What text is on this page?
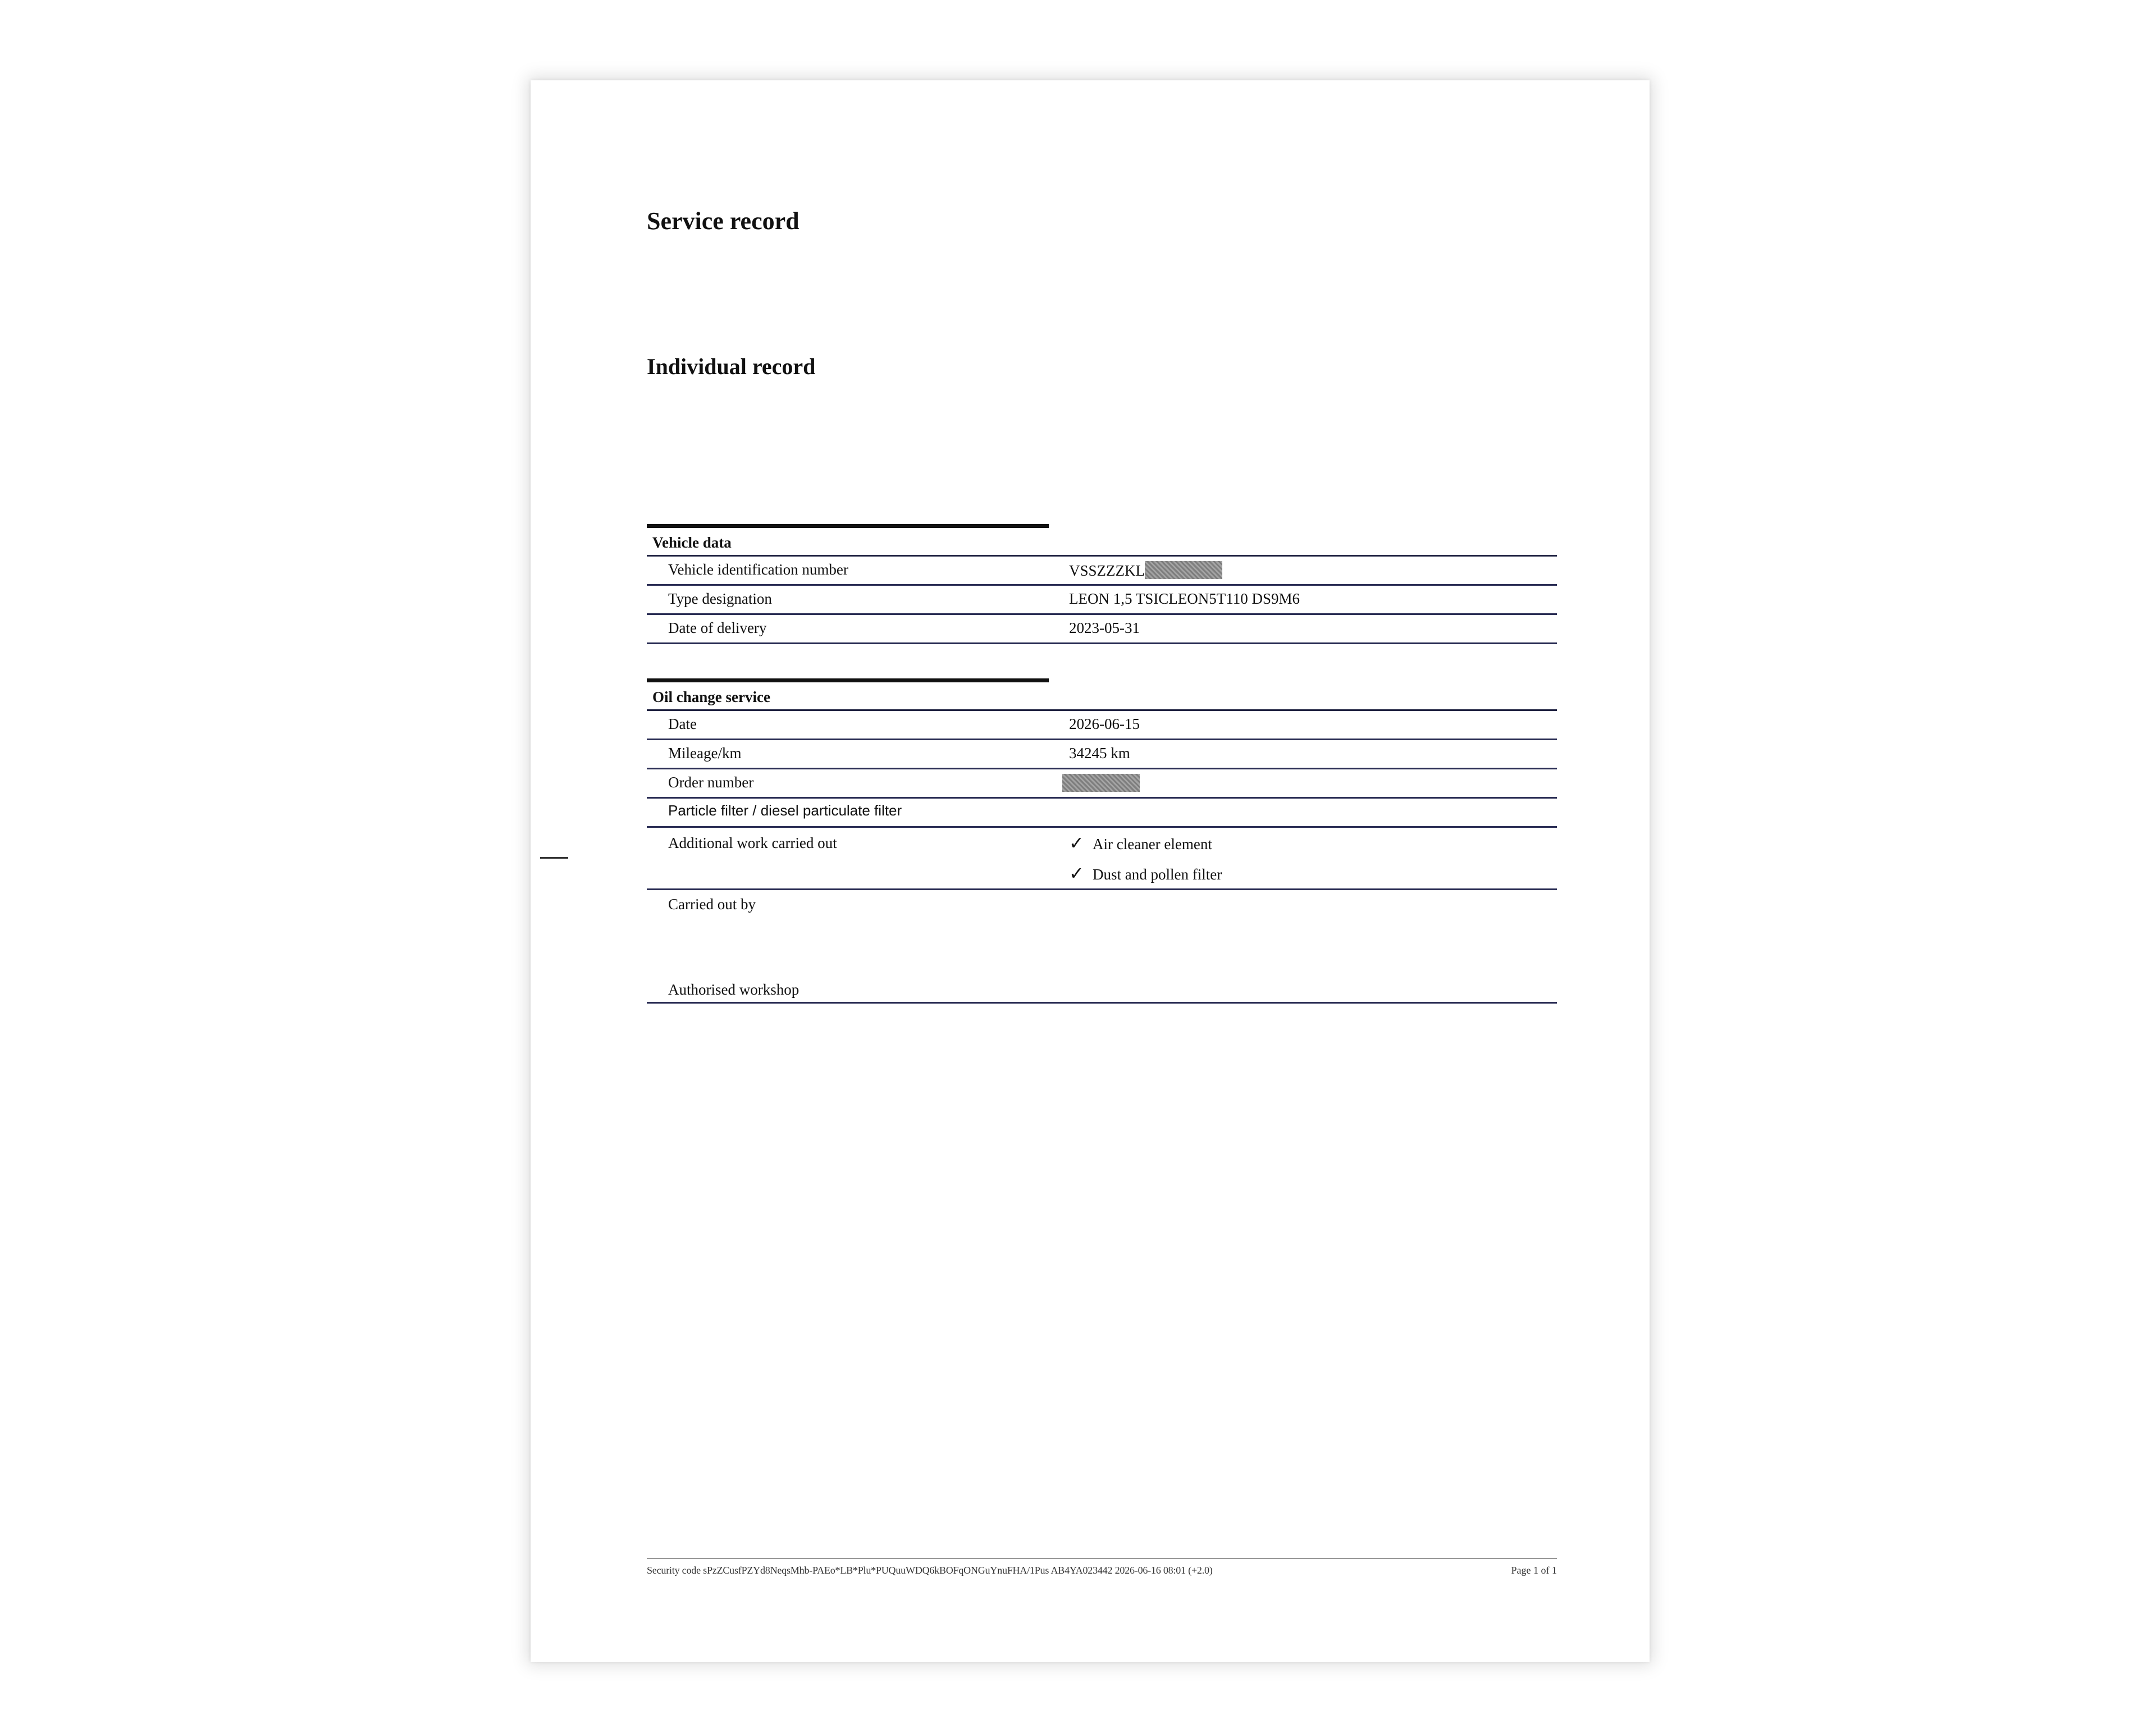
Service record
Individual record
Vehicle data
Vehicle identification number	VSSZZZKL
Type designation	LEON 1,5 TSICLEON5T110 DS9M6
Date of delivery	2023-05-31
Oil change service
Date	2026-06-15
Mileage/km	34245 km
Order number
Particle filter / diesel particulate filter
Additional work carried out	✓ Air cleaner element
✓ Dust and pollen filter
Carried out by
Authorised workshop
Security code sPzZCusfPZYd8NeqsMhb-PAEo*LB*Plu*PUQuuWDQ6kBOFqONGuYnuFHA/1Pus AB4YA023442 2026-06-16 08:01 (+2.0)	Page 1 of 1
